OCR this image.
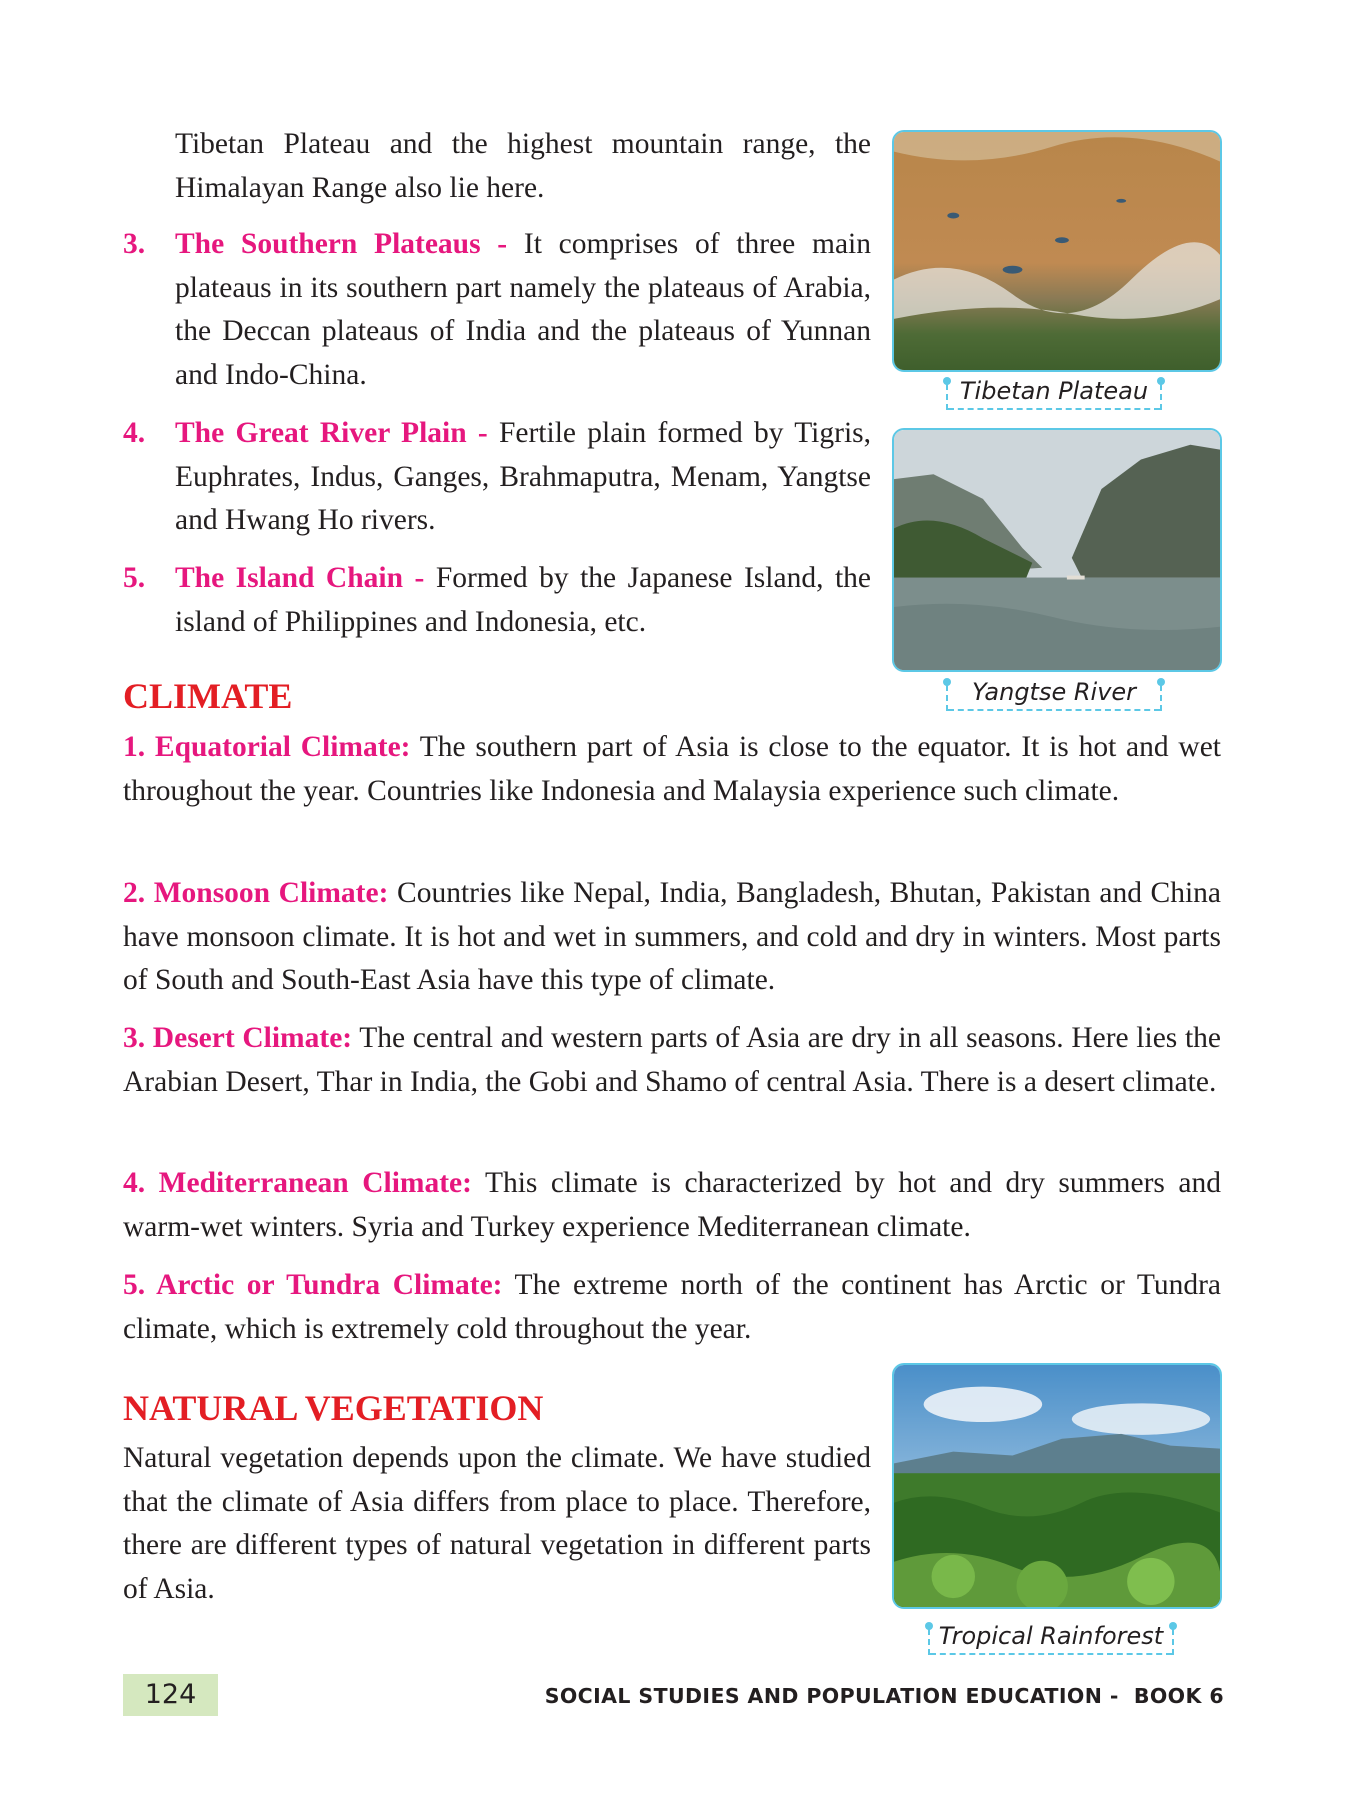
Tibetan Plateau and the highest mountain range, the Himalayan Range also lie here.
3. The Southern Plateaus - It comprises of three main plateaus in its southern part namely the plateaus of Arabia, the Deccan plateaus of India and the plateaus of Yunnan and Indo-China.
4. The Great River Plain - Fertile plain formed by Tigris, Euphrates, Indus, Ganges, Brahmaputra, Menam, Yangtse and Hwang Ho rivers.
5. The Island Chain - Formed by the Japanese Island, the island of Philippines and Indonesia, etc.
Tibetan Plateau
Yangtse River
CLIMATE
1. Equatorial Climate: The southern part of Asia is close to the equator. It is hot and wet throughout the year. Countries like Indonesia and Malaysia experience such climate.
2. Monsoon Climate: Countries like Nepal, India, Bangladesh, Bhutan, Pakistan and China have monsoon climate. It is hot and wet in summers, and cold and dry in winters. Most parts of South and South-East Asia have this type of climate.
3. Desert Climate: The central and western parts of Asia are dry in all seasons. Here lies the Arabian Desert, Thar in India, the Gobi and Shamo of central Asia. There is a desert climate.
4. Mediterranean Climate: This climate is characterized by hot and dry summers and warm-wet winters. Syria and Turkey experience Mediterranean climate.
5. Arctic or Tundra Climate: The extreme north of the continent has Arctic or Tundra climate, which is extremely cold throughout the year.
NATURAL VEGETATION
Natural vegetation depends upon the climate. We have studied that the climate of Asia differs from place to place. Therefore, there are different types of natural vegetation in different parts of Asia.
Tropical Rainforest
124	SOCIAL STUDIES AND POPULATION EDUCATION -  BOOK 6
